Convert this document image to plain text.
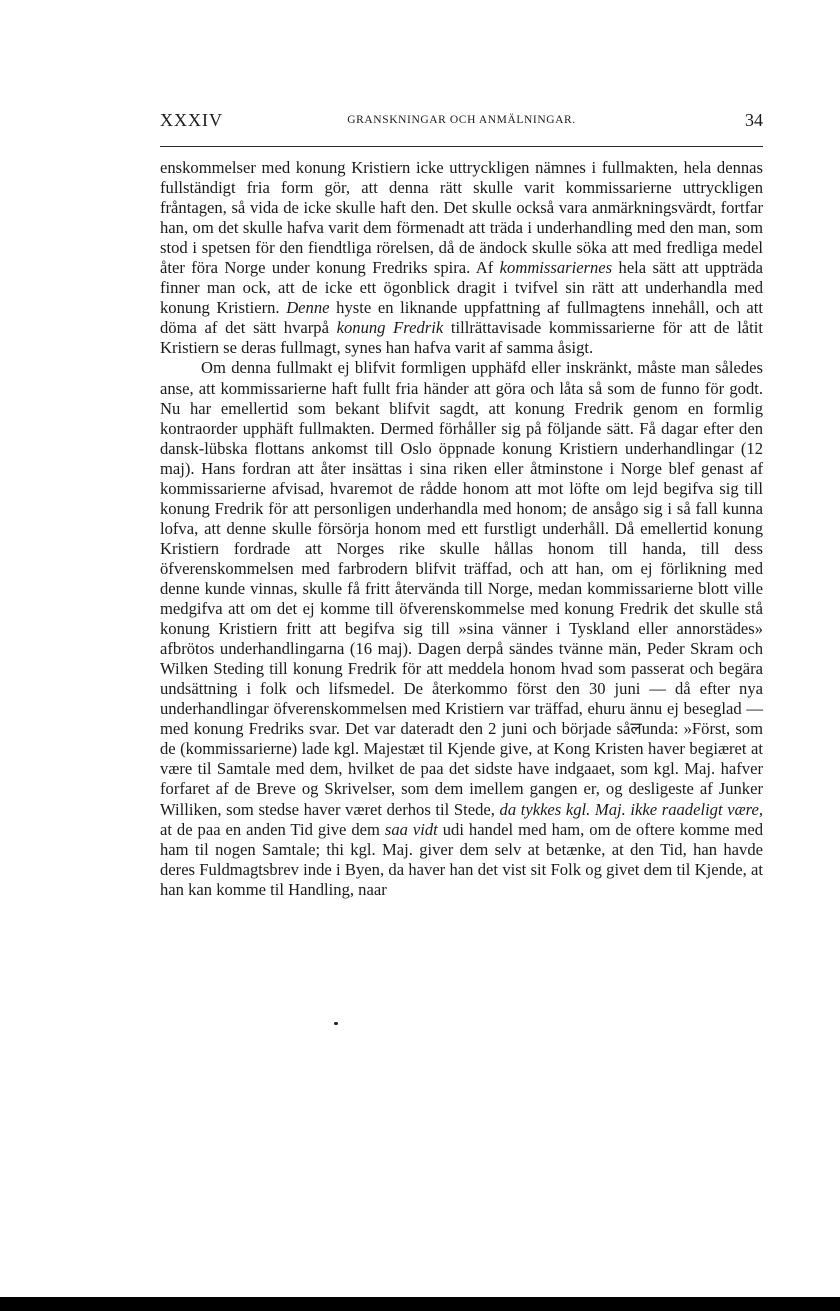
XXXIV	GRANSKNINGAR OCH ANMÄLNINGAR.	34

enskommelser med konung Kristiern icke uttryckligen nämnes i fullmakten, hela dennas fullständigt fria form gör, att denna rätt skulle varit kommissarierne uttryckligen fråntagen, så vida de icke skulle haft den. Det skulle också vara anmärkningsvärdt, fortfar han, om det skulle hafva varit dem förmenadt att träda i underhandling med den man, som stod i spetsen för den fiendtliga rörelsen, då de ändock skulle söka att med fredliga medel åter föra Norge under konung Fredriks spira. Af kommissariernes hela sätt att uppträda finner man ock, att de icke ett ögonblick dragit i tvifvel sin rätt att underhandla med konung Kristiern. Denne hyste en liknande uppfattning af fullmagtens innehåll, och att döma af det sätt hvarpå konung Fredrik tillrättavisade kommissarierne för att de låtit Kristiern se deras fullmagt, synes han hafva varit af samma åsigt.

Om denna fullmakt ej blifvit formligen upphäfd eller inskränkt, måste man således anse, att kommissarierne haft fullt fria händer att göra och låta så som de funno för godt. Nu har emellertid som bekant blifvit sagdt, att konung Fredrik genom en formlig kontraorder upphäft fullmakten. Dermed förhåller sig på följande sätt. Få dagar efter den dansk-lübska flottans ankomst till Oslo öppnade konung Kristiern underhandlingar (12 maj). Hans fordran att åter insättas i sina riken eller åtminstone i Norge blef genast af kommissarierne afvisad, hvaremot de rådde honom att mot löfte om lejd begifva sig till konung Fredrik för att personligen underhandla med honom; de ansågo sig i så fall kunna lofva, att denne skulle försörja honom med ett furstligt underhåll. Då emellertid konung Kristiern fordrade att Norges rike skulle hållas honom till handa, till dess öfverenskommelsen med farbrodern blifvit träffad, och att han, om ej förlikning med denne kunde vinnas, skulle få fritt återvända till Norge, medan kommissarierne blott ville medgifva att om det ej komme till öfverenskommelse med konung Fredrik det skulle stå konung Kristiern fritt att begifva sig till »sina vänner i Tyskland eller annorstädes» afbrötos underhandlingarna (16 maj). Dagen derpå sändes tvänne män, Peder Skram och Wilken Steding till konung Fredrik för att meddela honom hvad som passerat och begära undsättning i folk och lifsmedel. De återkommo först den 30 juni — då efter nya underhandlingar öfverenskommelsen med Kristiern var träffad, ehuru ännu ej beseglad — med konung Fredriks svar. Det var dateradt den 2 juni och började såलunda: »Först, som de (kommissarierne) lade kgl. Majestæt til Kjende give, at Kong Kristen haver begiæret at være til Samtale med dem, hvilket de paa det sidste have indgaaet, som kgl. Maj. hafver forfaret af de Breve og Skrivelser, som dem imellem gangen er, og desligeste af Junker Williken, som stedse haver været derhos til Stede, da tykkes kgl. Maj. ikke raadeligt være, at de paa en anden Tid give dem saa vidt udi handel med ham, om de oftere komme med ham til nogen Samtale; thi kgl. Maj. giver dem selv at betænke, at den Tid, han havde deres Fuldmagtsbrev inde i Byen, da haver han det vist sit Folk og givet dem til Kjende, at han kan komme til Handling, naar
